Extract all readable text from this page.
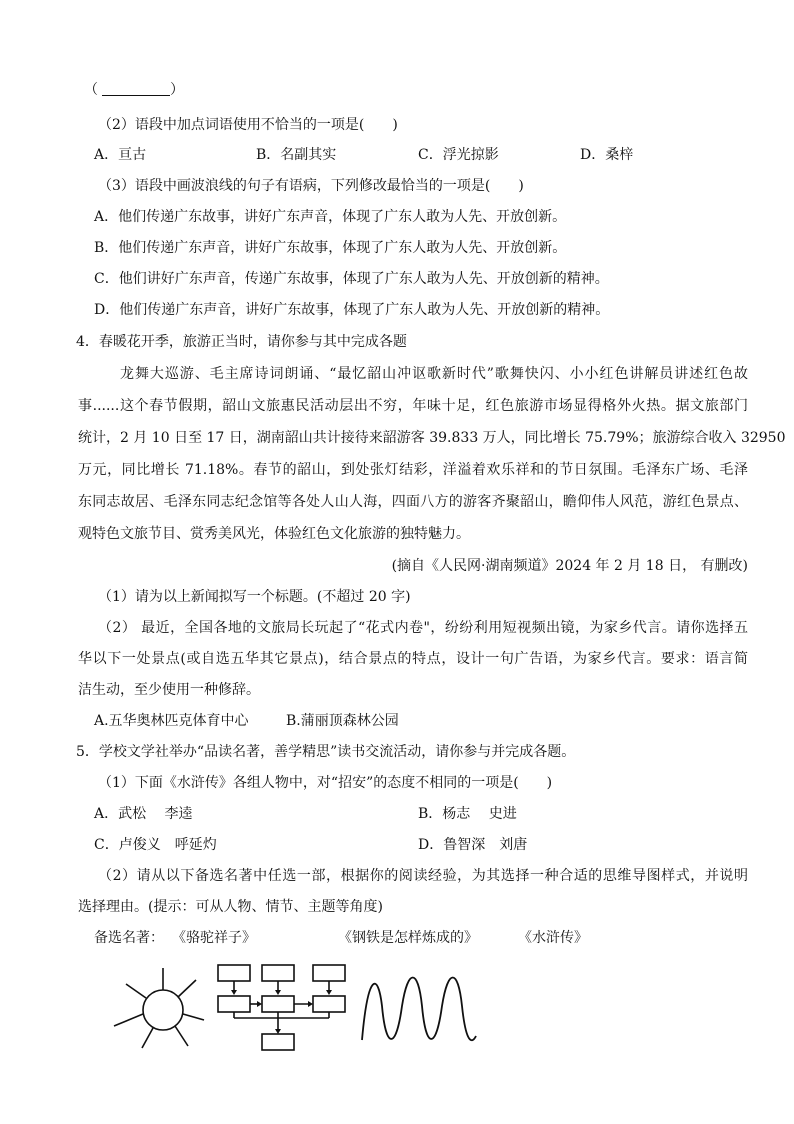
（	）
（2）语段中加点词语使用不恰当的一项是(　　)
A．亘古	B．名副其实	C．浮光掠影	D．桑梓
（3）语段中画波浪线的句子有语病，下列修改最恰当的一项是(　　)
A．他们传递广东故事，讲好广东声音，体现了广东人敢为人先、开放创新。
B．他们传递广东声音，讲好广东故事，体现了广东人敢为人先、开放创新。
C．他们讲好广东声音，传递广东故事，体现了广东人敢为人先、开放创新的精神。
D．他们传递广东声音，讲好广东故事，体现了广东人敢为人先、开放创新的精神。
4．春暖花开季，旅游正当时，请你参与其中完成各题
龙舞大巡游、毛主席诗词朗诵、“最忆韶山冲讴歌新时代”歌舞快闪、小小红色讲解员讲述红色故
事......这个春节假期，韶山文旅惠民活动层出不穷，年味十足，红色旅游市场显得格外火热。据文旅部门
统计，2 月 10 日至 17 日，湖南韶山共计接待来韶游客 39.833 万人，同比增长 75.79%；旅游综合收入 32950
万元，同比增长 71.18%。春节的韶山，到处张灯结彩，洋溢着欢乐祥和的节日氛围。毛泽东广场、毛泽
东同志故居、毛泽东同志纪念馆等各处人山人海，四面八方的游客齐聚韶山，瞻仰伟人风范，游红色景点、
观特色文旅节目、赏秀美风光，体验红色文化旅游的独特魅力。
(摘自《人民网·湖南频道》2024 年 2 月 18 日， 有删改)
（1）请为以上新闻拟写一个标题。(不超过 20 字)
（2） 最近，全国各地的文旅局长玩起了“花式内卷"，纷纷利用短视频出镜，为家乡代言。请你选择五
华以下一处景点(或自选五华其它景点)，结合景点的特点，设计一句广告语，为家乡代言。要求：语言简
洁生动，至少使用一种修辞。
A.五华奥林匹克体育中心	B.蒲丽顶森林公园
5．学校文学社举办“品读名著，善学精思”读书交流活动，请你参与并完成各题。
（1）下面《水浒传》各组人物中，对“招安”的态度不相同的一项是(　　)
A．武松　 李逵	B．杨志　 史进
C．卢俊义　呼延灼	D．鲁智深　刘唐
（2）请从以下备选名著中任选一部，根据你的阅读经验，为其选择一种合适的思维导图样式，并说明
选择理由。(提示：可从人物、情节、主题等角度)
备选名著： 《骆驼祥子》	《钢铁是怎样炼成的》	《水浒传》
